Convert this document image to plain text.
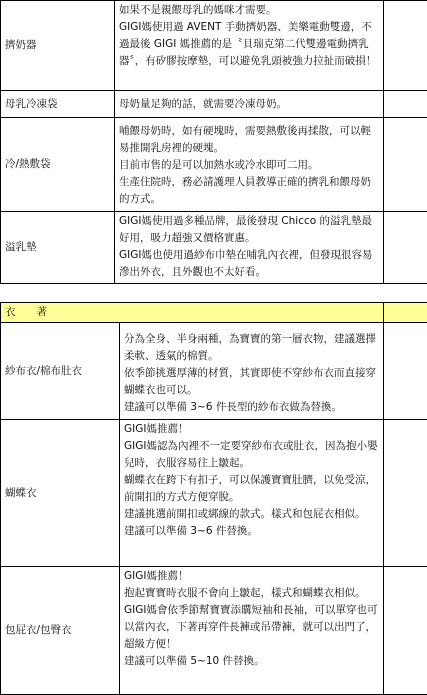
擠奶器	如果不是親餵母乳的媽咪才需要。

GIGI媽使用過 AVENT 手動擠奶器、美樂電動雙邊，不過最後 GIGI 媽推薦的是〝貝瑞克第二代雙邊電動擠乳器〞，有矽膠按摩墊，可以避免乳頭被強力拉扯而破損！	

母乳冷凍袋	母奶量足夠的話，就需要冷凍母奶。	

冷/熱敷袋	哺餵母奶時，如有硬塊時，需要熱敷後再揉散，可以輕易推開乳房裡的硬塊。

目前市售的是可以加熱水或冷水即可二用。

生產住院時，務必請護理人員教導正確的擠乳和餵母奶的方式。	

溢乳墊	GIGI媽使用過多種品牌，最後發現 Chicco 的溢乳墊最好用，吸力超強又價格實惠。

GIGI媽也使用過紗布巾墊在哺乳內衣裡，但發現很容易滲出外衣，且外觀也不太好看。	

衣　　著		
紗布衣/棉布肚衣	分為全身、半身兩種，為寶寶的第一層衣物，建議選擇柔軟、透氣的棉質。

依季節挑選厚薄的材質，其實即使不穿紗布衣而直接穿蝴蝶衣也可以。

建議可以準備 3~6 件長型的紗布衣做為替換。	

蝴蝶衣	GIGI媽推薦！

GIGI媽認為內裡不一定要穿紗布衣或肚衣，因為抱小嬰兒時，衣服容易往上皺起。

蝴蝶衣在跨下有扣子，可以保護寶寶肚臍，以免受涼，前開扣的方式方便穿脫。

建議挑選前開扣或綁線的款式。樣式和包屁衣相似。

建議可以準備 3~6 件替換。	

包屁衣/包臀衣	GIGI媽推薦！

抱起寶寶時衣服不會向上皺起，樣式和蝴蝶衣相似。

GIGI媽會依季節幫寶寶添購短袖和長袖，可以單穿也可以當內衣，下著再穿件長褲或吊帶褲，就可以出門了，超級方便！

建議可以準備 5~10 件替換。	
